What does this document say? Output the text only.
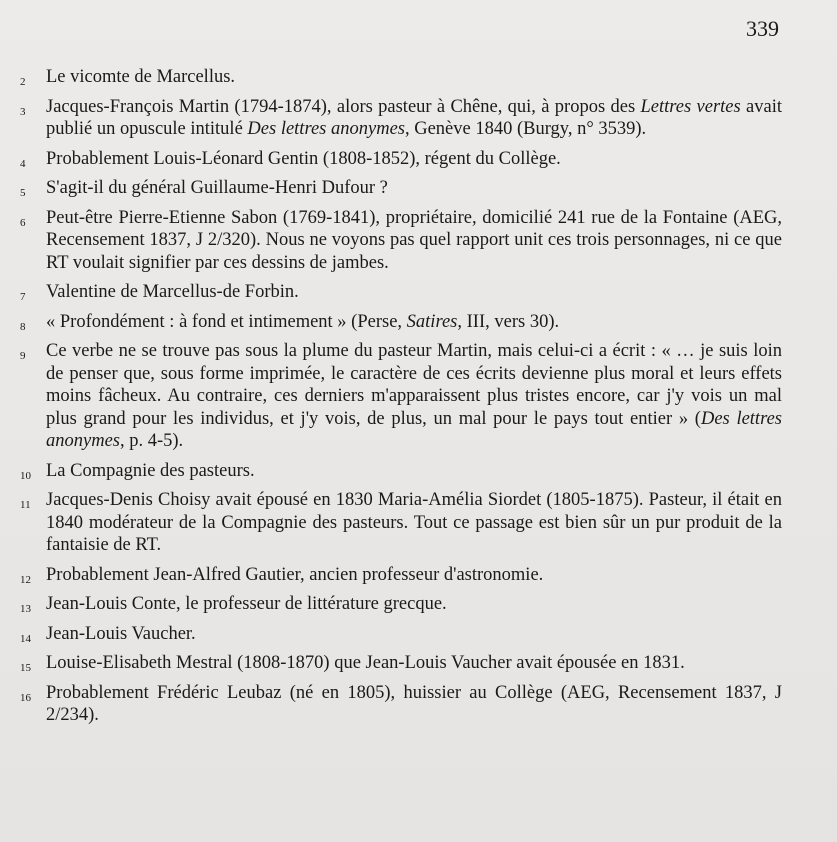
339
2	Le vicomte de Marcellus.
3	Jacques-François Martin (1794-1874), alors pasteur à Chêne, qui, à propos des Lettres vertes avait publié un opuscule intitulé Des lettres anonymes, Genève 1840 (Burgy, n° 3539).
4	Probablement Louis-Léonard Gentin (1808-1852), régent du Collège.
5	S'agit-il du général Guillaume-Henri Dufour ?
6	Peut-être Pierre-Etienne Sabon (1769-1841), propriétaire, domicilié 241 rue de la Fontaine (AEG, Recensement 1837, J 2/320). Nous ne voyons pas quel rapport unit ces trois personnages, ni ce que RT voulait signifier par ces dessins de jambes.
7	Valentine de Marcellus-de Forbin.
8	« Profondément : à fond et intimement » (Perse, Satires, III, vers 30).
9	Ce verbe ne se trouve pas sous la plume du pasteur Martin, mais celui-ci a écrit : « … je suis loin de penser que, sous forme imprimée, le caractère de ces écrits devienne plus moral et leurs effets moins fâcheux. Au contraire, ces derniers m'apparaissent plus tristes encore, car j'y vois un mal plus grand pour les individus, et j'y vois, de plus, un mal pour le pays tout entier » (Des lettres anonymes, p. 4-5).
10 La Compagnie des pasteurs.
11 Jacques-Denis Choisy avait épousé en 1830 Maria-Amélia Siordet (1805-1875). Pasteur, il était en 1840 modérateur de la Compagnie des pasteurs. Tout ce passage est bien sûr un pur produit de la fantaisie de RT.
12 Probablement Jean-Alfred Gautier, ancien professeur d'astronomie.
13 Jean-Louis Conte, le professeur de littérature grecque.
14 Jean-Louis Vaucher.
15 Louise-Elisabeth Mestral (1808-1870) que Jean-Louis Vaucher avait épousée en 1831.
16 Probablement Frédéric Leubaz (né en 1805), huissier au Collège (AEG, Recensement 1837, J 2/234).
